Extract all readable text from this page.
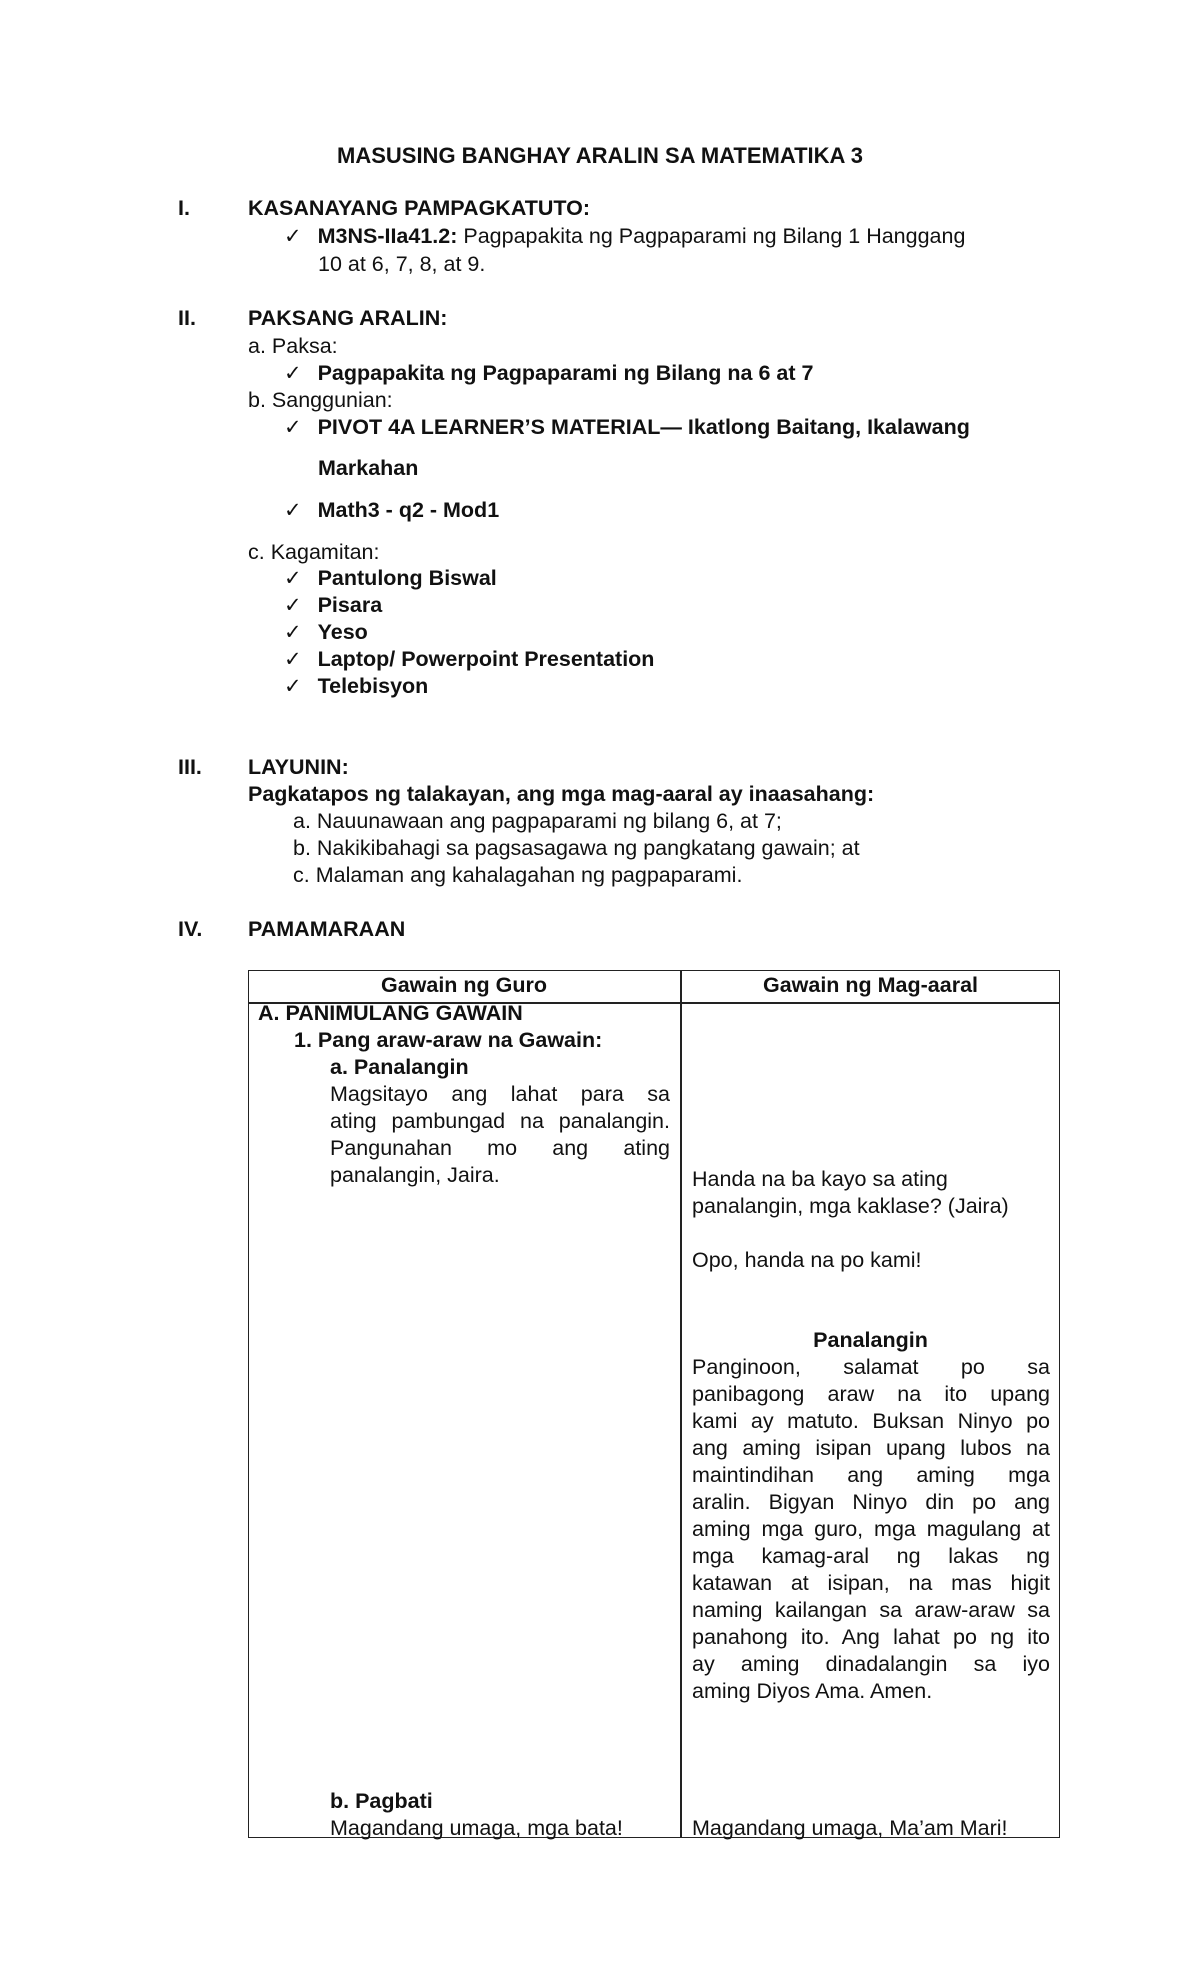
MASUSING BANGHAY ARALIN SA MATEMATIKA 3
I.	KASANAYANG PAMPAGKATUTO:
✓ M3NS-IIa41.2: Pagpapakita ng Pagpaparami ng Bilang 1 Hanggang
10 at 6, 7, 8, at 9.
II. PAKSANG ARALIN:
a. Paksa:
✓ Pagpapakita ng Pagpaparami ng Bilang na 6 at 7
b. Sanggunian:
✓ PIVOT 4A LEARNER’S MATERIAL— Ikatlong Baitang, Ikalawang
Markahan
✓ Math3 - q2 - Mod1
c. Kagamitan:
✓ Pantulong Biswal
✓ Pisara
✓ Yeso
✓ Laptop/ Powerpoint Presentation
✓ Telebisyon
III. LAYUNIN:
Pagkatapos ng talakayan, ang mga mag-aaral ay inaasahang:
a. Nauunawaan ang pagpaparami ng bilang 6, at 7;
b. Nakikibahagi sa pagsasagawa ng pangkatang gawain; at
c. Malaman ang kahalagahan ng pagpaparami.
IV. PAMAMARAAN
Gawain ng Guro	Gawain ng Mag-aaral
A. PANIMULANG GAWAIN
1. Pang araw-araw na Gawain:
a. Panalangin
Magsitayo ang lahat para sa
ating pambungad na panalangin.
Pangunahan mo ang ating
panalangin, Jaira.
b. Pagbati
Magandang umaga, mga bata!
Handa na ba kayo sa ating
panalangin, mga kaklase? (Jaira)
Opo, handa na po kami!
Panalangin
Panginoon, salamat po sa
panibagong araw na ito upang
kami ay matuto. Buksan Ninyo po
ang aming isipan upang lubos na
maintindihan ang aming mga
aralin. Bigyan Ninyo din po ang
aming mga guro, mga magulang at
mga kamag-aral ng lakas ng
katawan at isipan, na mas higit
naming kailangan sa araw-araw sa
panahong ito. Ang lahat po ng ito
ay aming dinadalangin sa iyo
aming Diyos Ama. Amen.
Magandang umaga, Ma’am Mari!
